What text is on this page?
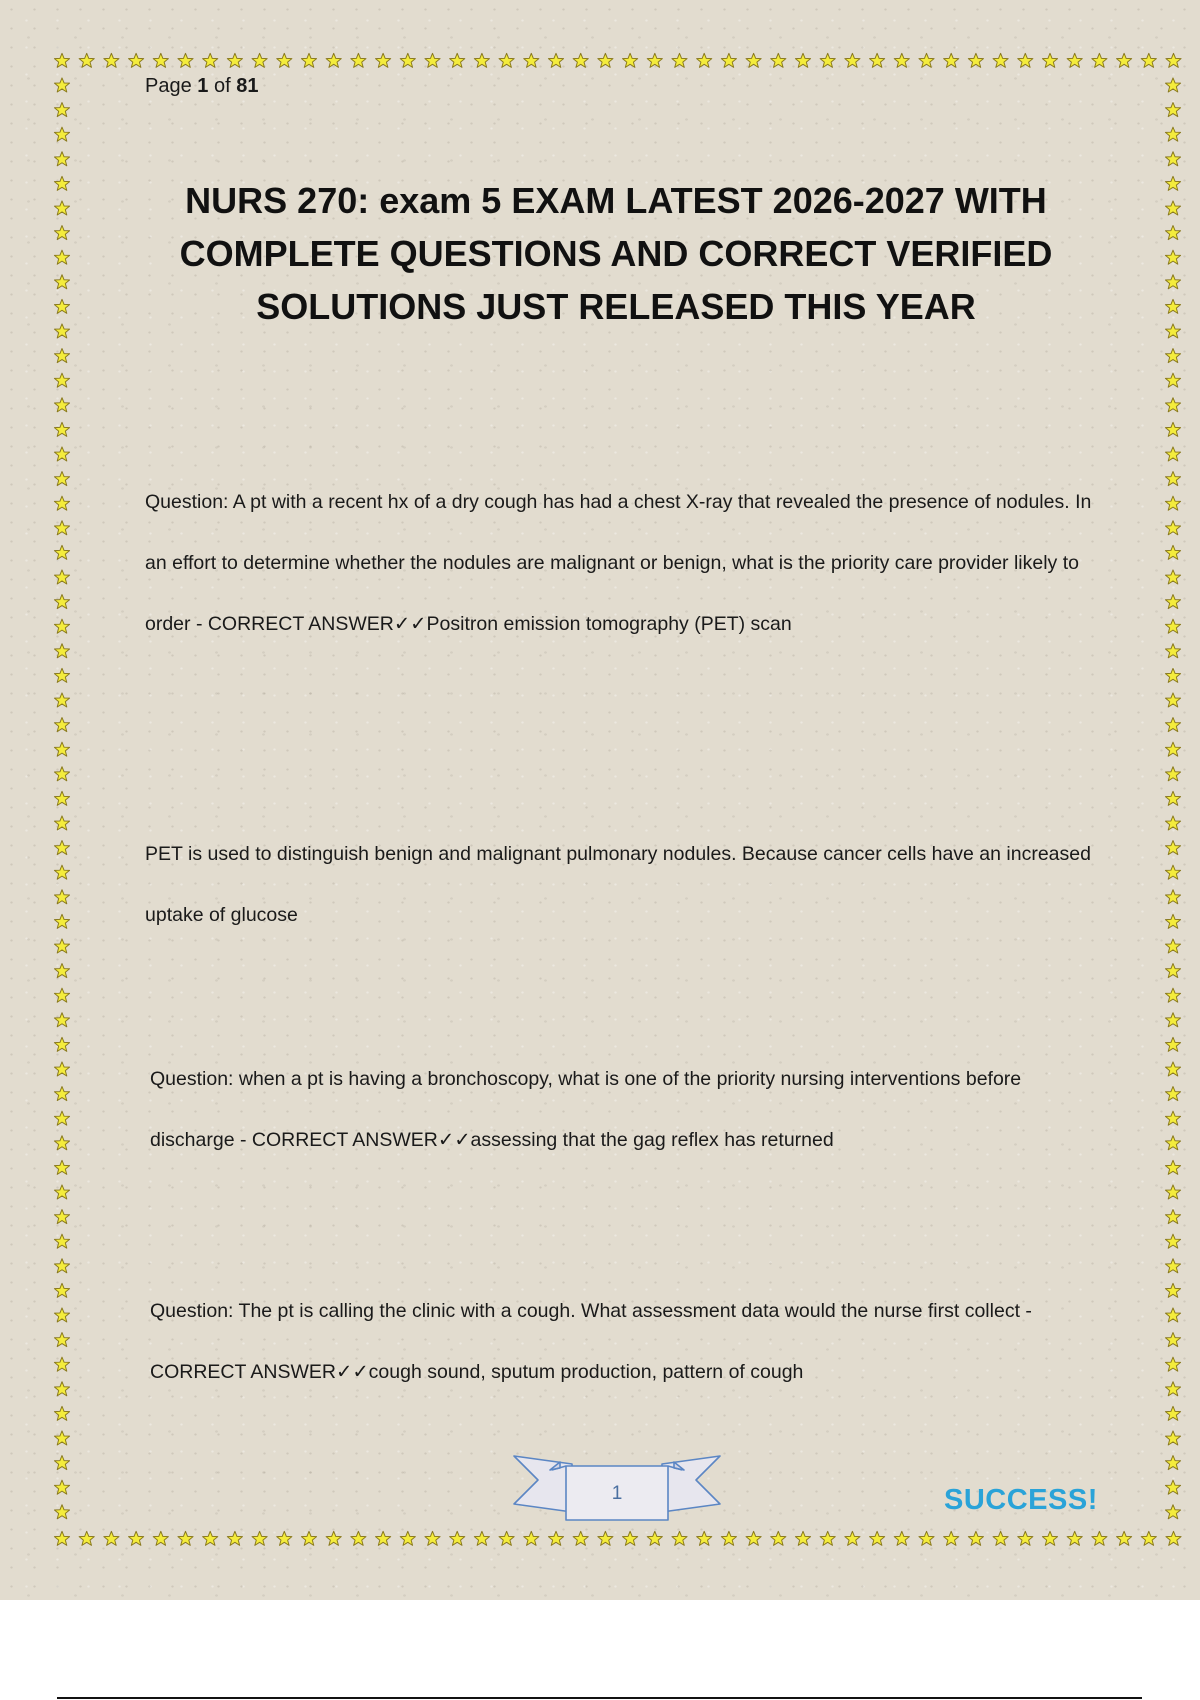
Page 1 of 81
NURS 270: exam 5 EXAM LATEST 2026-2027 WITH
COMPLETE QUESTIONS AND CORRECT VERIFIED
SOLUTIONS JUST RELEASED THIS YEAR

Question: A pt with a recent hx of a dry cough has had a chest X-ray that revealed the presence of nodules. In an effort to determine whether the nodules are malignant or benign, what is the priority care provider likely to order - CORRECT ANSWER✓✓Positron emission tomography (PET) scan

PET is used to distinguish benign and malignant pulmonary nodules. Because cancer cells have an increased uptake of glucose

Question: when a pt is having a bronchoscopy, what is one of the priority nursing interventions before discharge - CORRECT ANSWER✓✓assessing that the gag reflex has returned

Question: The pt is calling the clinic with a cough. What assessment data would the nurse first collect - CORRECT ANSWER✓✓cough sound, sputum production, pattern of cough

1	SUCCESS!
